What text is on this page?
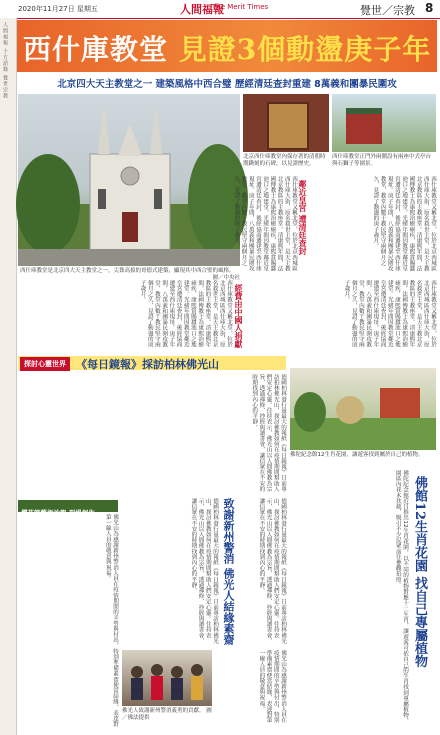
2020年11月27日 星期五	人間福報
The Merit Times	覺世／宗教 8
人間福報 十方語錄 覺世宗教 西什庫教堂 見證3個動盪庚子年
北京四大天主教堂之一 建築風格中西合璧 歷經清廷查封重建 8萬義和團暴民圍攻
西什庫教堂是北京四大天主教堂之一，尖聳高拔的哥德式建築，顯現其中西合璧的風格。
圖／中央社
北京西什庫教堂內保存著的清朝時期鐫刻的石碑，以見證歷史。
西什庫教堂正門外兩側設有兩座中式亭台與石獅子等園景。
西什庫教堂又稱北堂，位於北京西城區西什庫大街，原名救世主堂，是天主教北京教區的主教座堂。清康熙年間，法國傳教士為康熙治癒瘧疾，康熙賞賜蠶池口之地建堂。光緒年間因教堂鄰近皇宮遭清廷查封，後經協商遷建至西什庫現址。庚子年間，八萬義和團暴民圍攻教堂，教堂內數千教民堅守兩個月之久，見證了動盪的庚子歲月。	鄰近皇宮 遭清廷查封	西什庫教堂又稱北堂，位於北京西城區西什庫大街，原名救世主堂，是天主教北京教區的主教座堂。清康熙年間，法國傳教士為康熙治癒瘧疾，康熙賞賜蠶池口之地建堂。光緒年間因教堂鄰近皇宮遭清廷查封，後經協商遷建至西什庫現址。庚子年間，八萬義和團暴民圍攻教堂，教堂內數千教民堅守兩個月之久，見證了動盪的庚子歲月。
西什庫教堂又稱北堂，位於北京西城區西什庫大街，原名救世主堂，是天主教北京教區的主教座堂。清康熙年間，法國傳教士為康熙治癒瘧疾，康熙賞賜蠶池口之地建堂。光緒年間因教堂鄰近皇宮遭清廷查封，後經協商遷建至西什庫現址。庚子年間，八萬義和團暴民圍攻教堂，教堂內數千教民堅守兩個月之久，見證了動盪的庚子歲月。	經費由中國人捐獻	西什庫教堂又稱北堂，位於北京西城區西什庫大街，原名救世主堂，是天主教北京教區的主教座堂。清康熙年間，法國傳教士為康熙治癒瘧疾，康熙賞賜蠶池口之地建堂。光緒年間因教堂鄰近皇宮遭清廷查封，後經協商遷建至西什庫現址。庚子年間，八萬義和團暴民圍攻教堂，教堂內數千教民堅守兩個月之久，見證了動盪的庚子歲月。
探討心靈世界 《每日鏡報》採訪柏林佛光山
德國柏林發行量最大的報紙《每日鏡報》日前專訪柏林佛光山，探討佛教如何在疫情期間幫助人們安定心靈。住持表示，佛光山以人間佛教為宗旨，透過禪修、抄經與讀書會，讓信眾在不安的時期找到內心的平靜。
佛陀紀念館12生肖花園，讓遊客找到屬於自己的植物。
櫻花節藝術沙龍 現場創作
佛光山為感謝新州警消人員在疫情期間的辛勞與付出，特別準備素齋便當結緣，表達對第一線人員的敬意與祝福。	德國柏林發行量最大的報紙《每日鏡報》日前專訪柏林佛光山，探討佛教如何在疫情期間幫助人們安定心靈。住持表示，佛光山以人間佛教為宗旨，透過禪修、抄經與讀書會，讓信眾在不安的時期找到內心的平靜。	致謝新州警消 佛光人結緣素齋	德國柏林發行量最大的報紙《每日鏡報》日前專訪柏林佛光山，探討佛教如何在疫情期間幫助人們安定心靈。住持表示，佛光山以人間佛教為宗旨，透過禪修、抄經與讀書會，讓信眾在不安的時期找到內心的平靜。
佛光人致謝新州警消義勇的貢獻。 圖／佛法提供	佛光山為感謝新州警消人員在疫情期間的辛勞與付出，特別準備素齋便當結緣，表達對第一線人員的敬意與祝福。	佛陀紀念館近日推出12生肖花園，以不同的植物對應十二生肖，讓遊客可依自己的生肖找到專屬植物，園區內花木扶疏，吸引不少民眾前往參觀拍照。 佛館12生肖花園 找自己專屬植物
